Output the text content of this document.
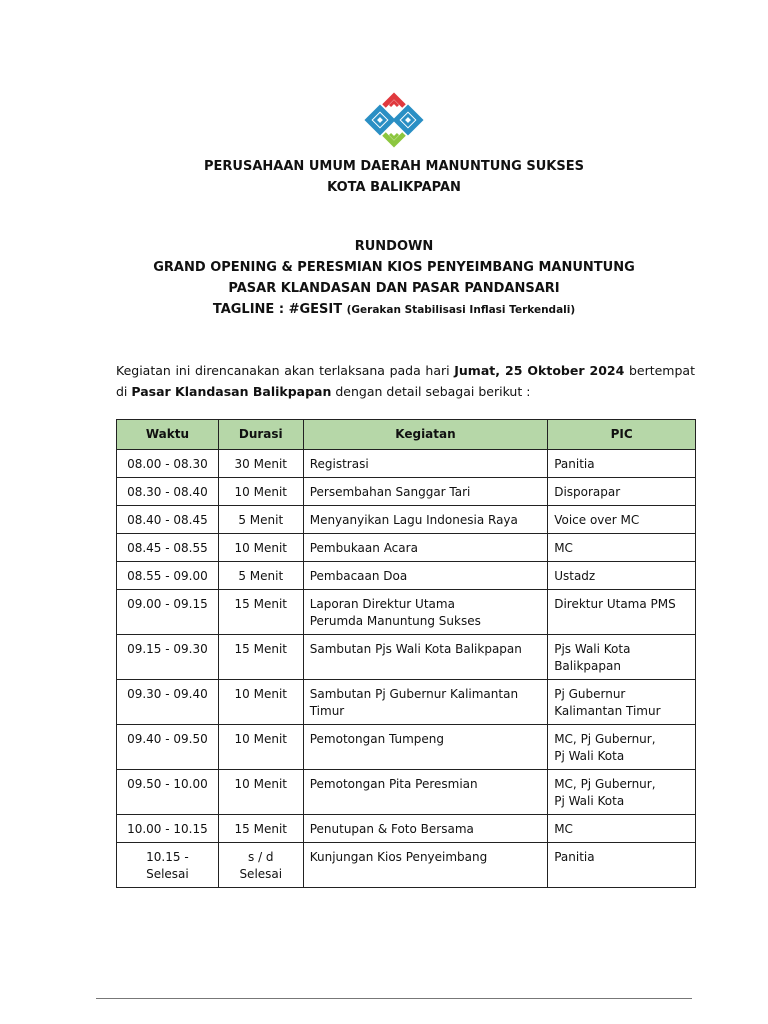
PERUSAHAAN UMUM DAERAH MANUNTUNG SUKSES
KOTA BALIKPAPAN
RUNDOWN
GRAND OPENING & PERESMIAN KIOS PENYEIMBANG MANUNTUNG
PASAR KLANDASAN DAN PASAR PANDANSARI
TAGLINE : #GESIT (Gerakan Stabilisasi Inflasi Terkendali)

Kegiatan ini direncanakan akan terlaksana pada hari Jumat, 25 Oktober 2024 bertempat di Pasar Klandasan Balikpapan dengan detail sebagai berikut :

Waktu	Durasi	Kegiatan	PIC
08.00 - 08.30	30 Menit	Registrasi	Panitia
08.30 - 08.40	10 Menit	Persembahan Sanggar Tari	Disporapar
08.40 - 08.45	5 Menit	Menyanyikan Lagu Indonesia Raya	Voice over MC
08.45 - 08.55	10 Menit	Pembukaan Acara	MC
08.55 - 09.00	5 Menit	Pembacaan Doa	Ustadz
09.00 - 09.15	15 Menit	Laporan Direktur Utama
Perumda Manuntung Sukses	Direktur Utama PMS
09.15 - 09.30	15 Menit	Sambutan Pjs Wali Kota Balikpapan	Pjs Wali Kota
Balikpapan
09.30 - 09.40	10 Menit	Sambutan Pj Gubernur Kalimantan
Timur	Pj Gubernur
Kalimantan Timur
09.40 - 09.50	10 Menit	Pemotongan Tumpeng	MC, Pj Gubernur,
Pj Wali Kota
09.50 - 10.00	10 Menit	Pemotongan Pita Peresmian	MC, Pj Gubernur,
Pj Wali Kota
10.00 - 10.15	15 Menit	Penutupan & Foto Bersama	MC
10.15 - Selesai	s / d Selesai	Kunjungan Kios Penyeimbang	Panitia
